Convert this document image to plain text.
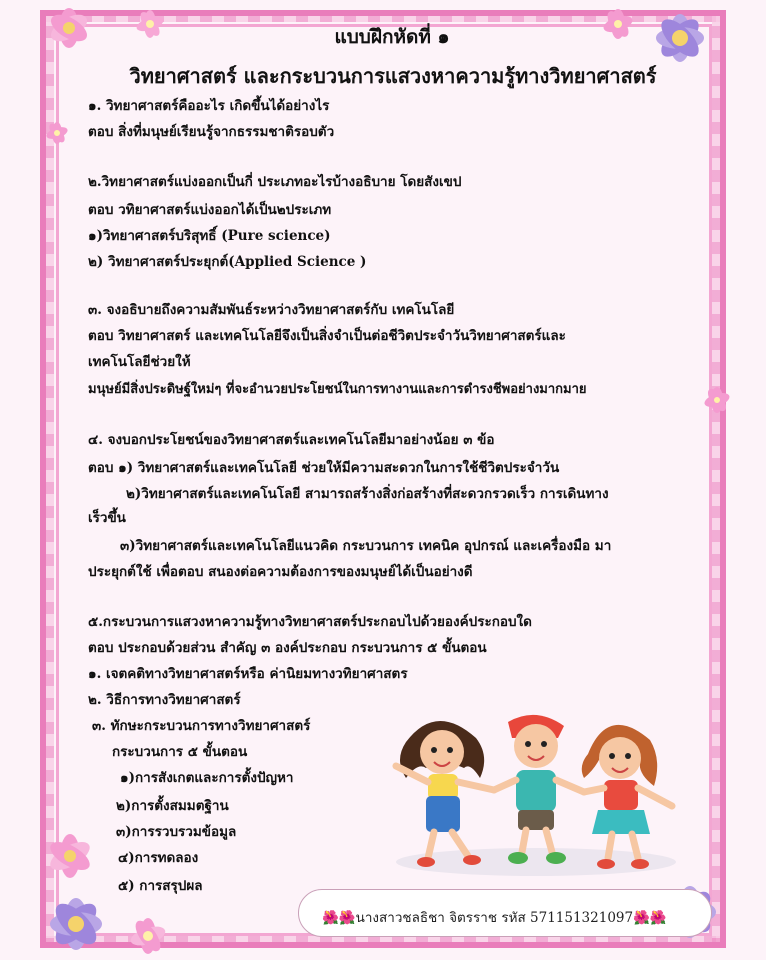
แบบฝึกหัดที่ ๑
วิทยาศาสตร์ และกระบวนการแสวงหาความรู้ทางวิทยาศาสตร์
๑. วิทยาศาสตร์คืออะไร เกิดขึ้นได้อย่างไร
ตอบ สิ่งที่มนุษย์เรียนรู้จากธรรมชาติรอบตัว
๒.วิทยาศาสตร์แบ่งออกเป็นกี่ ประเภทอะไรบ้างอธิบาย โดยสังเขป
ตอบ วทิยาศาสตร์แบ่งออกได้เป็น๒ประเภท
๑)วิทยาศาสตร์บริสุทธิ์ (Pure science)
๒) วิทยาศาสตร์ประยุกต์(Applied Science )
๓. จงอธิบายถึงความสัมพันธ์ระหว่างวิทยาศาสตร์กับ เทคโนโลยี
ตอบ วิทยาศาสตร์ และเทคโนโลยีจึงเป็นสิ่งจำเป็นต่อชีวิตประจำวันวิทยาศาสตร์และ
เทคโนโลยีช่วยให้
มนุษย์มีสิ่งประดิษฐ์ใหม่ๆ ที่จะอำนวยประโยชน์ในการทางานและการดำรงชีพอย่างมากมาย
๔. จงบอกประโยชน์ของวิทยาศาสตร์และเทคโนโลยีมาอย่างน้อย ๓ ข้อ
ตอบ ๑) วิทยาศาสตร์และเทคโนโลยี ช่วยให้มีความสะดวกในการใช้ชีวิตประจำวัน
๒)วิทยาศาสตร์และเทคโนโลยี สามารถสร้างสิ่งก่อสร้างที่สะดวกรวดเร็ว การเดินทาง
เร็วขึ้น
๓)วิทยาศาสตร์และเทคโนโลยีแนวคิด กระบวนการ เทคนิค อุปกรณ์ และเครื่องมือ มา
ประยุกต์ใช้ เพื่อตอบ สนองต่อความต้องการของมนุษย์ได้เป็นอย่างดี
๕.กระบวนการแสวงหาความรู้ทางวิทยาศาสตร์ประกอบไปด้วยองค์ประกอบใด
ตอบ ประกอบด้วยส่วน สำคัญ ๓ องค์ประกอบ กระบวนการ ๕ ขั้นตอน
๑. เจตคติทางวิทยาศาสตร์หรือ ค่านิยมทางวทิยาศาสตร
๒. วิธีการทางวิทยาศาสตร์
๓. ทักษะกระบวนการทางวิทยาศาสตร์
กระบวนการ ๕ ขั้นตอน
๑)การสังเกตและการตั้งปัญหา
๒)การตั้งสมมตฐิาน
๓)การรวบรวมข้อมูล
๔)การทดลอง
๕) การสรุปผล
🌺🌺นางสาวชลธิชา จิตรราช รหัส 571151321097🌺🌺
